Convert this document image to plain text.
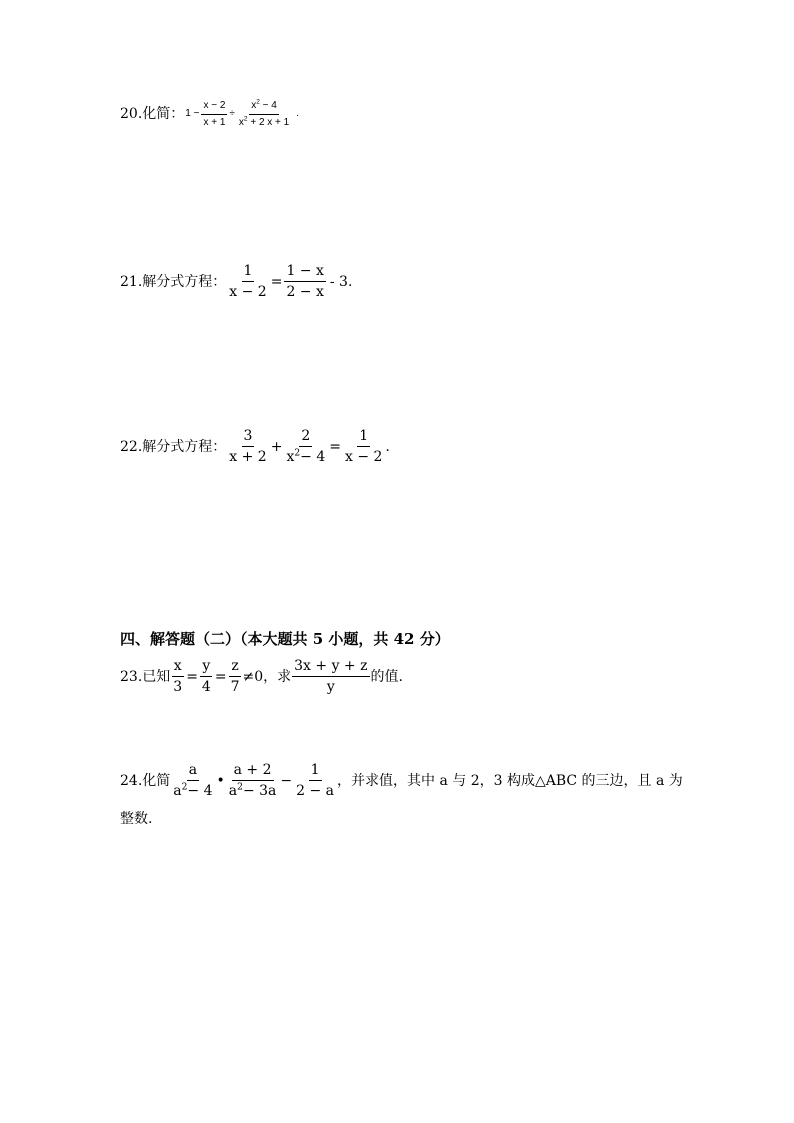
20.化简： $1 - \frac{x - 2}{x + 1} \div \frac{x^2 - 4}{x^2 + 2 x + 1}$ .
21.解分式方程： $\frac{1}{x - 2} = \frac{1 - x}{2 - x} - 3$.
22.解分式方程： $\frac{3}{x + 2} + \frac{2}{x^2- 4} = \frac{1}{x - 2}$ .
四、解答题（二）（本大题共 5 小题，共 42 分）
23.已知 $\frac{x}{3} = \frac{y}{4} = \frac{z}{7} \ne 0$，求 $\frac{3x + y + z}{y}$ 的值.
24.化简 $\frac{a}{a^2- 4}$ • $\frac{a + 2}{a^2- 3a} - \frac{1}{2 - a}$ ，并求值，其中 a 与 2，3 构成△ABC 的三边，且 a 为
整数.
